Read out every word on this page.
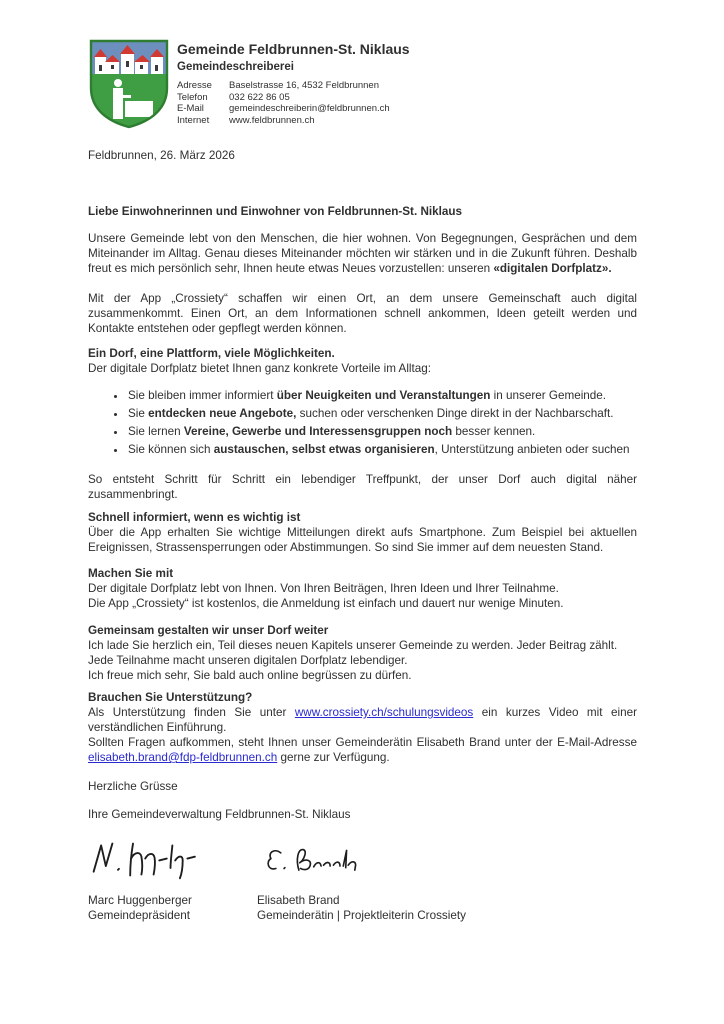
Gemeinde Feldbrunnen-St. Niklaus
Gemeindeschreiberei
Adresse	Baselstrasse 16, 4532 Feldbrunnen
Telefon	032 622 86 05
E-Mail	gemeindeschreiberin@feldbrunnen.ch
Internet	www.feldbrunnen.ch
Feldbrunnen, 26. März 2026
Liebe Einwohnerinnen und Einwohner von Feldbrunnen-St. Niklaus

Unsere Gemeinde lebt von den Menschen, die hier wohnen. Von Begegnungen, Gesprächen und dem Miteinander im Alltag. Genau dieses Miteinander möchten wir stärken und in die Zukunft führen. Deshalb freut es mich persönlich sehr, Ihnen heute etwas Neues vorzustellen: unseren «digitalen Dorfplatz».

Mit der App „Crossiety“ schaffen wir einen Ort, an dem unsere Gemeinschaft auch digital zusammenkommt. Einen Ort, an dem Informationen schnell ankommen, Ideen geteilt werden und Kontakte entstehen oder gepflegt werden können.

Ein Dorf, eine Plattform, viele Möglichkeiten.
Der digitale Dorfplatz bietet Ihnen ganz konkrete Vorteile im Alltag:
• Sie bleiben immer informiert über Neuigkeiten und Veranstaltungen in unserer Gemeinde.
• Sie entdecken neue Angebote, suchen oder verschenken Dinge direkt in der Nachbarschaft.
• Sie lernen Vereine, Gewerbe und Interessensgruppen noch besser kennen.
• Sie können sich austauschen, selbst etwas organisieren, Unterstützung anbieten oder suchen

So entsteht Schritt für Schritt ein lebendiger Treffpunkt, der unser Dorf auch digital näher zusammenbringt.

Schnell informiert, wenn es wichtig ist
Über die App erhalten Sie wichtige Mitteilungen direkt aufs Smartphone. Zum Beispiel bei aktuellen Ereignissen, Strassensperrungen oder Abstimmungen. So sind Sie immer auf dem neuesten Stand.
Machen Sie mit
Der digitale Dorfplatz lebt von Ihnen. Von Ihren Beiträgen, Ihren Ideen und Ihrer Teilnahme.
Die App „Crossiety“ ist kostenlos, die Anmeldung ist einfach und dauert nur wenige Minuten.
Gemeinsam gestalten wir unser Dorf weiter
Ich lade Sie herzlich ein, Teil dieses neuen Kapitels unserer Gemeinde zu werden. Jeder Beitrag zählt.
Jede Teilnahme macht unseren digitalen Dorfplatz lebendiger.
Ich freue mich sehr, Sie bald auch online begrüssen zu dürfen.
Brauchen Sie Unterstützung?
Als Unterstützung finden Sie unter www.crossiety.ch/schulungsvideos ein kurzes Video mit einer verständlichen Einführung.
Sollten Fragen aufkommen, steht Ihnen unser Gemeinderätin Elisabeth Brand unter der E-Mail-Adresse elisabeth.brand@fdp-feldbrunnen.ch gerne zur Verfügung.
Herzliche Grüsse
Ihre Gemeindeverwaltung Feldbrunnen-St. Niklaus
Marc Huggenberger
Gemeindepräsident
Elisabeth Brand
Gemeinderätin | Projektleiterin Crossiety
